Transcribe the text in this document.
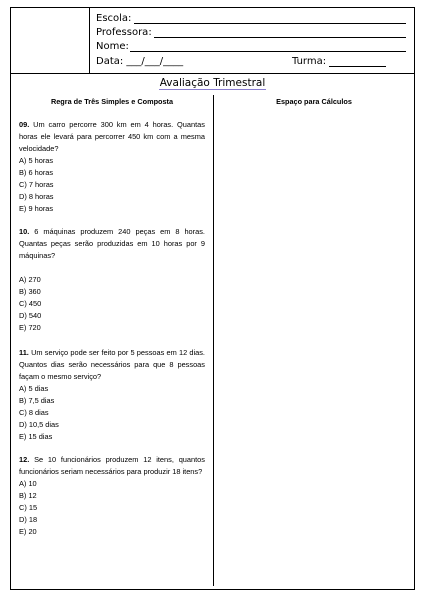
Escola:
Professora:
Nome:
Data: ___/___/____	Turma:
Avaliação Trimestral
Regra de Três Simples e Composta	Espaço para Cálculos

09. Um carro percorre 300 km em 4 horas. Quantas horas ele levará para percorrer 450 km com a mesma velocidade?

A) 5 horas
B) 6 horas
C) 7 horas
D) 8 horas
E) 9 horas

10. 6 máquinas produzem 240 peças em 8 horas. Quantas peças serão produzidas em 10 horas por 9 máquinas?

A) 270
B) 360
C) 450
D) 540
E) 720

11. Um serviço pode ser feito por 5 pessoas em 12 dias. Quantos dias serão necessários para que 8 pessoas façam o mesmo serviço?

A) 5 dias
B) 7,5 dias
C) 8 dias
D) 10,5 dias
E) 15 dias

12. Se 10 funcionários produzem 12 itens, quantos funcionários seriam necessários para produzir 18 itens?

A) 10
B) 12
C) 15
D) 18
E) 20
